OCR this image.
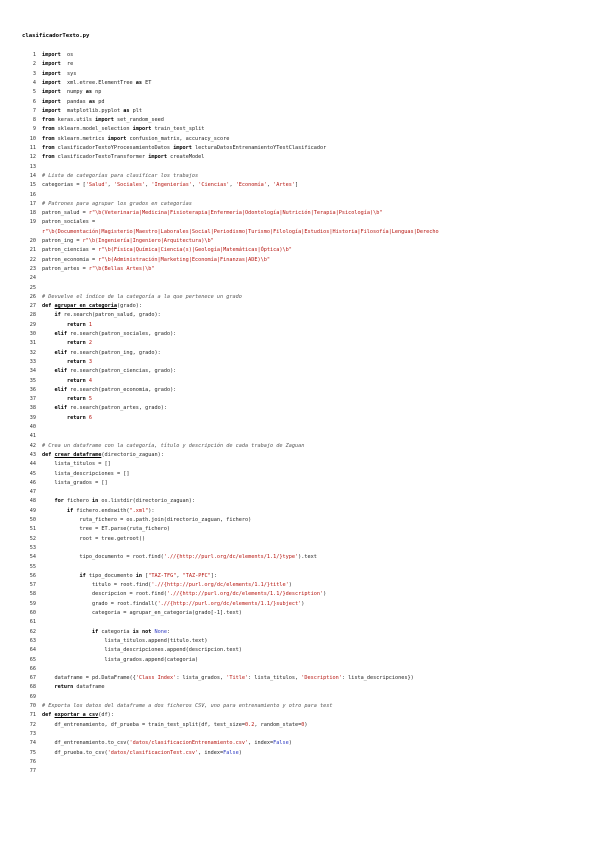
clasificadorTexto.py
1 import  os
2 import  re
3 import  sys
4 import  xml.etree.ElementTree as ET
5 import  numpy as np
6 import  pandas as pd
7 import  matplotlib.pyplot as plt
8 from keras.utils import set_random_seed
9 from sklearn.model_selection import train_test_split
10 from sklearn.metrics import confusion_matrix, accuracy_score
11 from clasificadorTextoYProcesamientoDatos import lecturaDatosEntrenamientoYTestClasificador
12 from clasificadorTextoTransformer import createModel
13
14 # Lista de categorías para clasificar los trabajos
15 categorias = ['Salud', 'Sociales', 'Ingenierías', 'Ciencias', 'Economía', 'Artes']
16
17 # Patrones para agrupar los grados en categorías
18 patron_salud = r"\b(Veterinaria|Medicina|Fisioterapia|Enfermería|Odontología|Nutrición|Terapia|Psicología)\b"
19 patron_sociales =
r"\b(Documentación|Magisterio|Maestro|Laborales|Social|Periodismo|Turismo|Filología|Estudios|Historia|Filosofía|Lenguas|Derecho
20 patron_ing = r"\b(Ingeniería|Ingeniero|Arquitectura)\b"
21 patron_ciencias = r"\b(Física|Química|Ciencia(s)|Geología|Matemáticas|Óptica)\b"
22 patron_economia = r"\b(Administración|Marketing|Economía|Finanzas|ADE)\b"
23 patron_artes = r"\b(Bellas Artes)\b"
24
25
26 # Devuelve el índice de la categoría a la que pertenece un grado
27 def agrupar_en_categoria(grado):
28	if re.search(patron_salud, grado):
29	return 1
30	elif re.search(patron_sociales, grado):
31	return 2
32	elif re.search(patron_ing, grado):
33	return 3
34	elif re.search(patron_ciencias, grado):
35	return 4
36	elif re.search(patron_economia, grado):
37	return 5
38	elif re.search(patron_artes, grado):
39	return 6
40
41
42 # Crea un dataframe con la categoría, título y descripción de cada trabajo de Zaguan
43 def crear_dataframe(directorio_zaguan):
44    lista_titulos = []
45    lista_descripciones = []
46    lista_grados = []
47
48	for fichero in os.listdir(directorio_zaguan):
49	if fichero.endswith(".xml"):
50            ruta_fichero = os.path.join(directorio_zaguan, fichero)
51            tree = ET.parse(ruta_fichero)
52            root = tree.getroot()
53
54            tipo_documento = root.find('.//{http://purl.org/dc/elements/1.1/}type').text
55
56	if tipo_documento in ["TAZ-TFG", "TAZ-PFC"]:
57                titulo = root.find('.//{http://purl.org/dc/elements/1.1/}title')
58                descripcion = root.find('.//{http://purl.org/dc/elements/1.1/}description')
59                grado = root.findall('.//{http://purl.org/dc/elements/1.1/}subject')
60                categoria = agrupar_en_categoria(grado[-1].text)
61
62	if categoria is not None:
63                    lista_titulos.append(titulo.text)
64                    lista_descripciones.append(descripcion.text)
65                    lista_grados.append(categoria)
66
67    dataframe = pd.DataFrame({'Class Index': lista_grados, 'Title': lista_titulos, 'Description': lista_descripciones})
68	return dataframe
69
70 # Exporta los datos del dataframe a dos ficheros CSV, uno para entrenamiento y otro para test
71 def exportar_a_csv(df):
72    df_entrenamiento, df_prueba = train_test_split(df, test_size=0.2, random_state=0)
73
74    df_entrenamiento.to_csv('datos/clasificacionEntrenamiento.csv', index=False)
75    df_prueba.to_csv('datos/clasificacionTest.csv', index=False)
76
77
